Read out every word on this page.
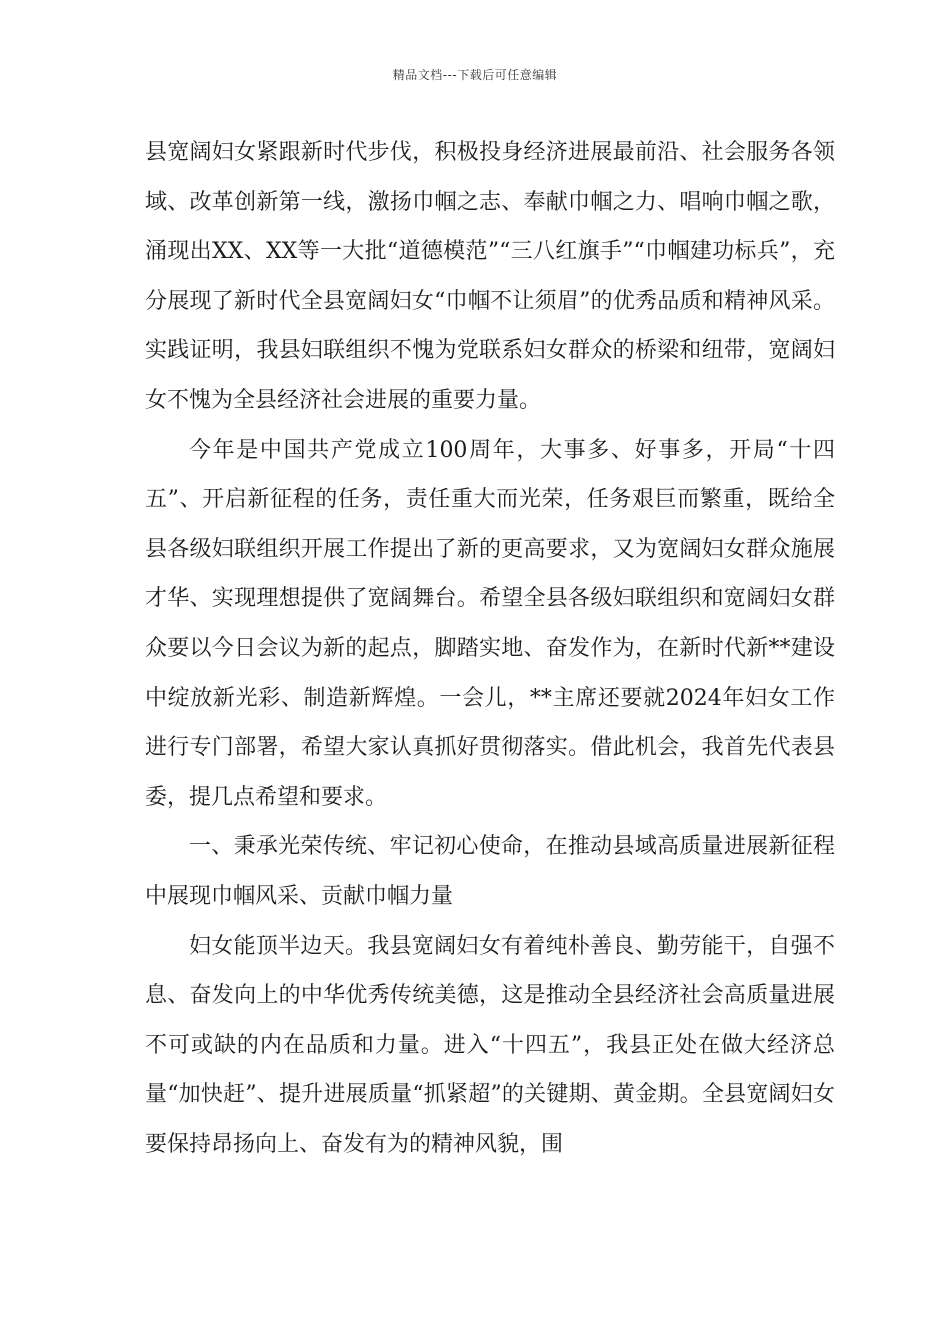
精品文档---下载后可任意编辑

县宽阔妇女紧跟新时代步伐，积极投身经济进展最前沿、社会服务各领域、改革创新第一线，激扬巾帼之志、奉献巾帼之力、唱响巾帼之歌，涌现出XX、XX等一大批“道德模范”“三八红旗手”“巾帼建功标兵”，充分展现了新时代全县宽阔妇女“巾帼不让须眉”的优秀品质和精神风采。实践证明，我县妇联组织不愧为党联系妇女群众的桥梁和纽带，宽阔妇女不愧为全县经济社会进展的重要力量。

今年是中国共产党成立100周年，大事多、好事多，开局“十四五”、开启新征程的任务，责任重大而光荣，任务艰巨而繁重，既给全县各级妇联组织开展工作提出了新的更高要求，又为宽阔妇女群众施展才华、实现理想提供了宽阔舞台。希望全县各级妇联组织和宽阔妇女群众要以今日会议为新的起点，脚踏实地、奋发作为，在新时代新**建设中绽放新光彩、制造新辉煌。一会儿，**主席还要就2024年妇女工作进行专门部署，希望大家认真抓好贯彻落实。借此机会，我首先代表县委，提几点希望和要求。

一、秉承光荣传统、牢记初心使命，在推动县域高质量进展新征程中展现巾帼风采、贡献巾帼力量

妇女能顶半边天。我县宽阔妇女有着纯朴善良、勤劳能干，自强不息、奋发向上的中华优秀传统美德，这是推动全县经济社会高质量进展不可或缺的内在品质和力量。进入“十四五”，我县正处在做大经济总量“加快赶”、提升进展质量“抓紧超”的关键期、黄金期。全县宽阔妇女要保持昂扬向上、奋发有为的精神风貌，围
